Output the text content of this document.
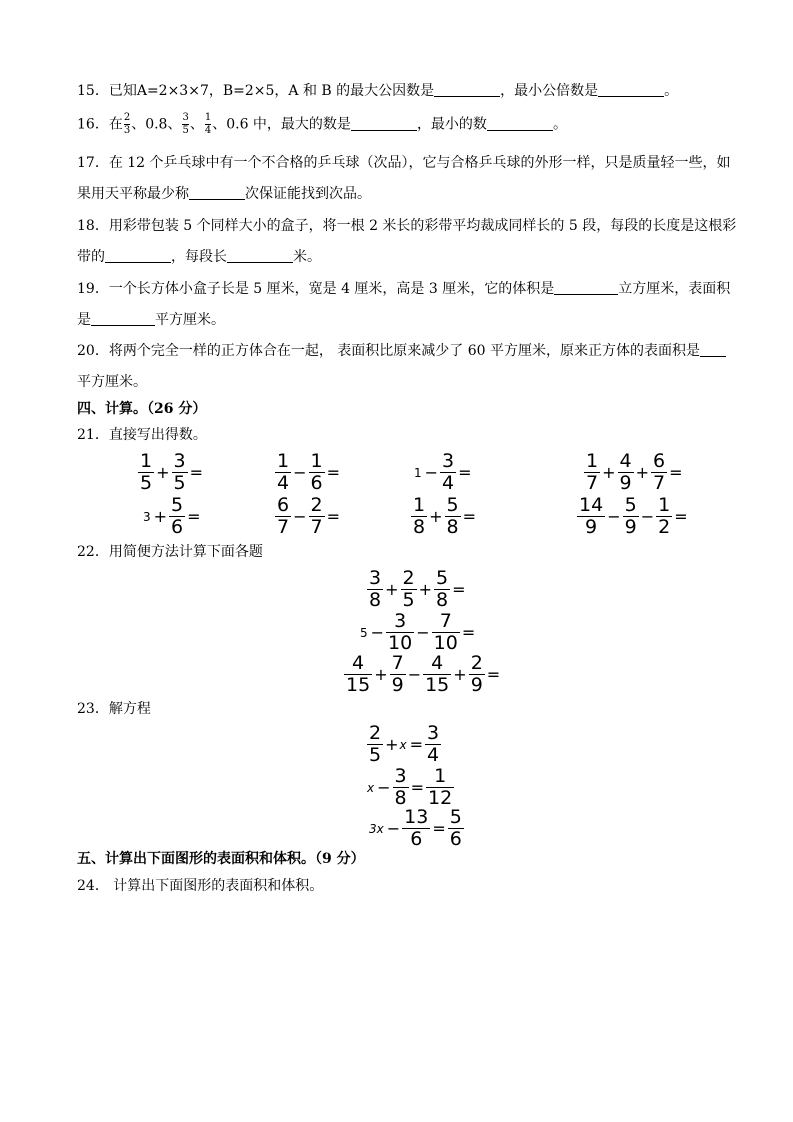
15．已知A=2×3×7，B=2×5，A 和 B 的最大公因数是	，最小公倍数是	。
16．在 $\frac{2}{3}$ 、0.8、 $\frac{3}{5}$ 、 $\frac{1}{4}$ 、0.6 中，最大的数是	，最小的数	。
17．在 12 个乒乓球中有一个不合格的乒乓球（次品），它与合格乒乓球的外形一样，只是质量轻一些，如
果用天平称最少称	次保证能找到次品。
18．用彩带包装 5 个同样大小的盒子，将一根 2 米长的彩带平均裁成同样长的 5 段，每段的长度是这根彩
带的	，每段长	米。
19．一个长方体小盒子长是 5 厘米，宽是 4 厘米，高是 3 厘米，它的体积是	立方厘米，表面积
是	平方厘米。
20．将两个完全一样的正方体合在一起， 表面积比原来减少了 60 平方厘米，原来正方体的表面积是
平方厘米。
四、计算。（26 分）
21．直接写出得数。
$\frac{1}{5} + \frac{3}{5}$ =	$\frac{1}{4} - \frac{1}{6}$ =	$1 - \frac{3}{4}$ =	$\frac{1}{7} + \frac{4}{9} + \frac{6}{7}$ =
$3 + \frac{5}{6}$ =	$\frac{6}{7} - \frac{2}{7}$ =	$\frac{1}{8} + \frac{5}{8}$ =	$\frac{14}{9} - \frac{5}{9} - \frac{1}{2}$ =
22．用简便方法计算下面各题
$\frac{3}{8} + \frac{2}{5} + \frac{5}{8}$ =
$5 - \frac{3}{10} - \frac{7}{10}$ =
$\frac{4}{15} + \frac{7}{9} - \frac{4}{15} + \frac{2}{9}$ =
23．解方程
$\frac{2}{5} + x = \frac{3}{4}$
$x - \frac{3}{8} = \frac{1}{12}$
$3x - \frac{13}{6} = \frac{5}{6}$
五、计算出下面图形的表面积和体积。（9 分）
24． 计算出下面图形的表面积和体积。
